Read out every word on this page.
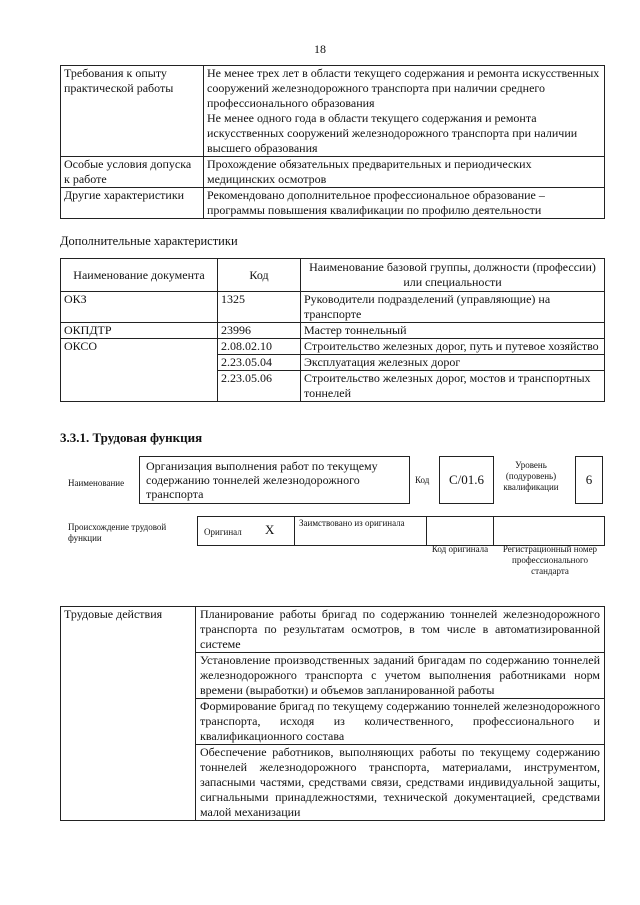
18
Требования к опыту практической работы	Не менее трех лет в области текущего содержания и ремонта искусственных сооружений железнодорожного транспорта при наличии среднего профессионального образования
Не менее одного года в области текущего содержания и ремонта искусственных сооружений железнодорожного транспорта при наличии высшего образования

Особые условия допуска к работе	Прохождение обязательных предварительных и периодических медицинских осмотров
Другие характеристики	Рекомендовано дополнительное профессиональное образование – программы повышения квалификации по профилю деятельности
Дополнительные характеристики
Наименование документа	Код	Наименование базовой группы, должности (профессии) или специальности
ОКЗ	1325	Руководители подразделений (управляющие) на транспорте
ОКПДТР	23996	Мастер тоннельный
ОКСО	2.08.02.10	Строительство железных дорог, путь и путевое хозяйство
	2.23.05.04	Эксплуатация железных дорог
	2.23.05.06	Строительство железных дорог, мостов и транспортных тоннелей
3.3.1. Трудовая функция
Наименование
Организация выполнения работ по текущему содержанию тоннелей железнодорожного транспорта
Код	C/01.6
Уровень (подуровень) квалификации	6
Происхождение трудовой функции
Оригинал X	Заимствовано из оригинала
Код оригинала	Регистрационный номер профессионального стандарта
Трудовые действия	Планирование работы бригад по содержанию тоннелей железнодорожного транспорта по результатам осмотров, в том числе в автоматизированной системе
Установление производственных заданий бригадам по содержанию тоннелей железнодорожного транспорта с учетом выполнения работниками норм времени (выработки) и объемов запланированной работы
Формирование бригад по текущему содержанию тоннелей железнодорожного транспорта, исходя из количественного, профессионального и квалификационного состава
Обеспечение работников, выполняющих работы по текущему содержанию тоннелей железнодорожного транспорта, материалами, инструментом, запасными частями, средствами связи, средствами индивидуальной защиты, сигнальными принадлежностями, технической документацией, средствами малой механизации
